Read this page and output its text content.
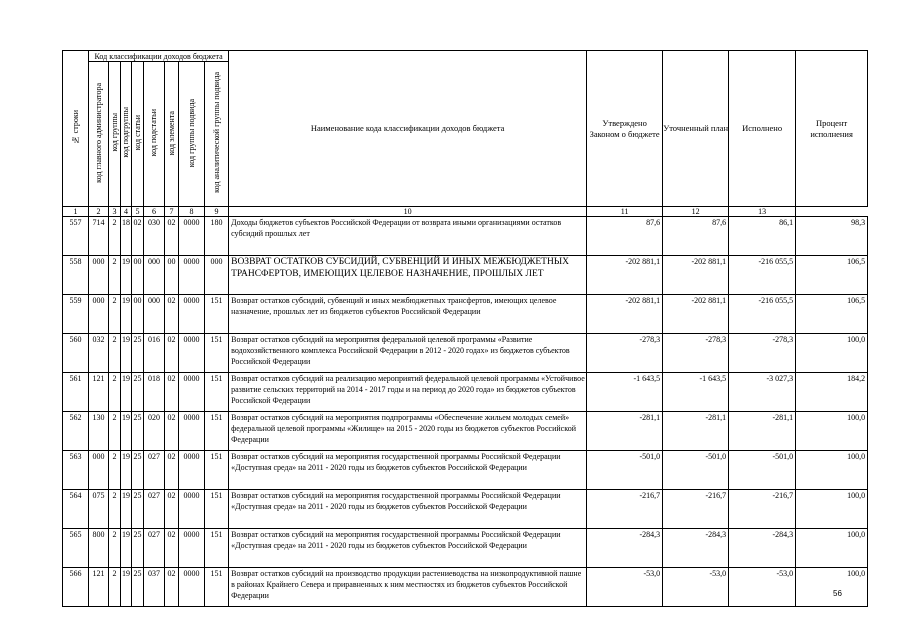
№ строки	Код классификации доходов бюджета								Наименование кода классификации доходов бюджета	Утверждено Законом о бюджете	Уточненный план	Исполнено	Процент исполнения
	код главного администратора	код группы	код подгруппы	код статьи	код подстатьи	код элемента	код группы подвида	код аналитической группы подвида					
1	2	3	4	5	6	7	8	9	10	11	12	13	
557	714	2	18	02	030	02	0000	180	Доходы бюджетов субъектов Российской Федерации от возврата иными организациями остатков субсидий прошлых лет	87,6	87,6	86,1	98,3
558	000	2	19	00	000	00	0000	000	ВОЗВРАТ ОСТАТКОВ СУБСИДИЙ, СУБВЕНЦИЙ И ИНЫХ МЕЖБЮДЖЕТНЫХ ТРАНСФЕРТОВ, ИМЕЮЩИХ ЦЕЛЕВОЕ НАЗНАЧЕНИЕ, ПРОШЛЫХ ЛЕТ	-202 881,1	-202 881,1	-216 055,5	106,5
559	000	2	19	00	000	02	0000	151	Возврат остатков субсидий, субвенций и иных межбюджетных трансфертов, имеющих целевое назначение, прошлых лет из бюджетов субъектов Российской Федерации	-202 881,1	-202 881,1	-216 055,5	106,5
560	032	2	19	25	016	02	0000	151	Возврат остатков субсидий на мероприятия федеральной целевой программы «Развитие водохозяйственного комплекса Российской Федерации в 2012 - 2020 годах» из бюджетов субъектов Российской Федерации	-278,3	-278,3	-278,3	100,0
561	121	2	19	25	018	02	0000	151	Возврат остатков субсидий на реализацию мероприятий федеральной целевой программы «Устойчивое развитие сельских территорий на 2014 - 2017 годы и на период до 2020 года» из бюджетов субъектов Российской Федерации	-1 643,5	-1 643,5	-3 027,3	184,2
562	130	2	19	25	020	02	0000	151	Возврат остатков субсидий на мероприятия подпрограммы «Обеспечение жильем молодых семей» федеральной целевой программы «Жилище» на 2015 - 2020 годы из бюджетов субъектов Российской Федерации	-281,1	-281,1	-281,1	100,0
563	000	2	19	25	027	02	0000	151	Возврат остатков субсидий на мероприятия государственной программы Российской Федерации «Доступная среда» на 2011 - 2020 годы из бюджетов субъектов Российской Федерации	-501,0	-501,0	-501,0	100,0
564	075	2	19	25	027	02	0000	151	Возврат остатков субсидий на мероприятия государственной программы Российской Федерации «Доступная среда» на 2011 - 2020 годы из бюджетов субъектов Российской Федерации	-216,7	-216,7	-216,7	100,0
565	800	2	19	25	027	02	0000	151	Возврат остатков субсидий на мероприятия государственной программы Российской Федерации «Доступная среда» на 2011 - 2020 годы из бюджетов субъектов Российской Федерации	-284,3	-284,3	-284,3	100,0
566	121	2	19	25	037	02	0000	151	Возврат остатков субсидий на производство продукции растениеводства на низкопродуктивной пашне в районах Крайнего Севера и приравненных к ним местностях из бюджетов субъектов Российской Федерации	-53,0	-53,0	-53,0	100,0
56
